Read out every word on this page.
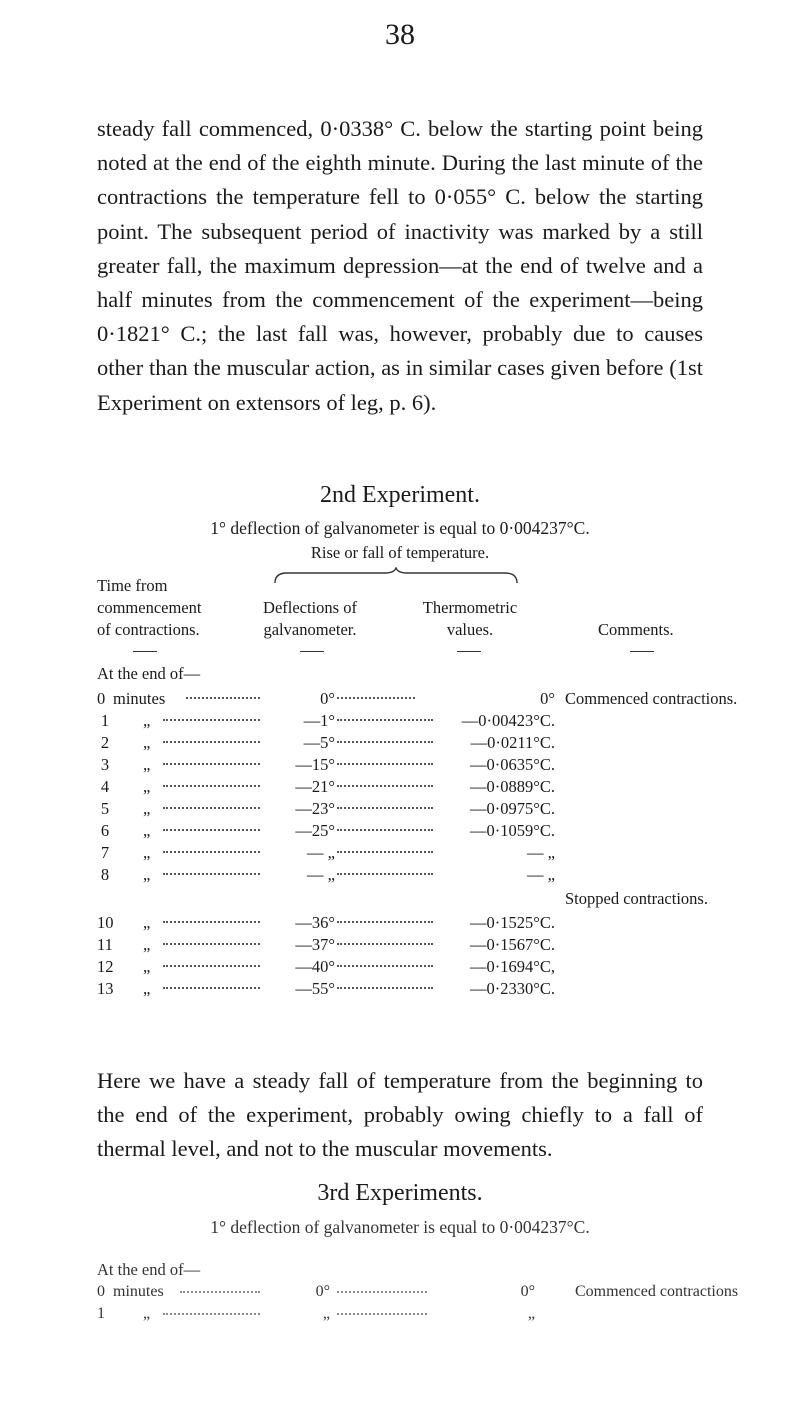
38

steady fall commenced, 0·0338° C. below the starting point being noted at the end of the eighth minute. During the last minute of the contractions the temperature fell to 0·055° C. below the starting point. The subsequent period of inactivity was marked by a still greater fall, the maximum depression—at the end of twelve and a half minutes from the commencement of the experiment—being 0·1821° C.; the last fall was, however, probably due to causes other than the muscular action, as in similar cases given before (1st Experiment on extensors of leg, p. 6).

2nd Experiment.
1° deflection of galvanometer is equal to 0·004237°C.
Rise or fall of temperature.
Time from
commencement
of contractions.
Deflections of
galvanometer.
Thermometric
values.	Comments.
At the end of—
0 minutes	0°	0° Commenced contractions.
1 „	—1°	—0·00423°C.
2 „	—5°	—0·0211°C.
3 „	—15°	—0·0635°C.
4 „	—21°	—0·0889°C.
5 „	—23°	—0·0975°C.
6 „	—25°	—0·1059°C.
7 „	— „	— „
8 „	— „	— „
Stopped contractions.
10 „	—36°	—0·1525°C.
11 „	—37°	—0·1567°C.
12 „	—40°	—0·1694°C,
13 „	—55°	—0·2330°C.

Here we have a steady fall of temperature from the beginning to the end of the experiment, probably owing chiefly to a fall of thermal level, and not to the muscular movements.

3rd Experiments.
1° deflection of galvanometer is equal to 0·004237°C.
At the end of—
0 minutes	0°	0°	Commenced contractions
1 „	„	„
